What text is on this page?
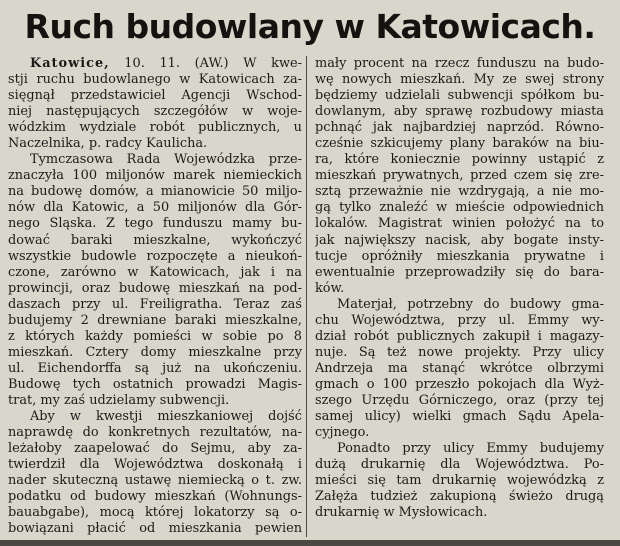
Ruch budowlany w Katowicach.
Katowice, 10. 11. (AW.) W kwe-
stji ruchu budowlanego w Katowicach za-
sięgnął przedstawiciel Agencji Wschod-
niej następujących szczegółów w woje-
wódzkim wydziale robót publicznych, u
Naczelnika, p. radcy Kaulicha.
Tymczasowa Rada Wojewódzka prze-
znaczyła 100 miljonów marek niemieckich
na budowę domów, a mianowicie 50 miljo-
nów dla Katowic, a 50 miljonów dla Gór-
nego Śląska. Z tego funduszu mamy bu-
dować baraki mieszkalne, wykończyć
wszystkie budowle rozpoczęte a nieukoń-
czone, zarówno w Katowicach, jak i na
prowincji, oraz budowę mieszkań na pod-
daszach przy ul. Freiligratha. Teraz zaś
budujemy 2 drewniane baraki mieszkalne,
z których każdy pomieści w sobie po 8
mieszkań. Cztery domy mieszkalne przy
ul. Eichendorffa są już na ukończeniu.
Budowę tych ostatnich prowadzi Magis-
trat, my zaś udzielamy subwencji.
Aby w kwestji mieszkaniowej dojść
naprawdę do konkretnych rezultatów, na-
leżałoby zaapelować do Sejmu, aby za-
twierdził dla Województwa doskonałą i
nader skuteczną ustawę niemiecką o t. zw.
podatku od budowy mieszkań (Wohnungs-
bauabgabe), mocą której lokatorzy są o-
bowiązani płacić od mieszkania pewien
mały procent na rzecz funduszu na budo-
wę nowych mieszkań. My ze swej strony
będziemy udzielali subwencji spółkom bu-
dowlanym, aby sprawę rozbudowy miasta
pchnąć jak najbardziej naprzód. Równo-
cześnie szkicujemy plany baraków na biu-
ra, które koniecznie powinny ustąpić z
mieszkań prywatnych, przed czem się zre-
sztą przeważnie nie wzdrygają, a nie mo-
gą tylko znaleźć w mieście odpowiednich
lokalów. Magistrat winien położyć na to
jak największy nacisk, aby bogate insty-
tucje opróżniły mieszkania prywatne i
ewentualnie przeprowadziły się do bara-
ków.
Materjał, potrzebny do budowy gma-
chu Województwa, przy ul. Emmy wy-
dział robót publicznych zakupił i magazy-
nuje. Są też nowe projekty. Przy ulicy
Andrzeja ma stanąć wkrótce olbrzymi
gmach o 100 przeszło pokojach dla Wyż-
szego Urzędu Górniczego, oraz (przy tej
samej ulicy) wielki gmach Sądu Apela-
cyjnego.
Ponadto przy ulicy Emmy budujemy
dużą drukarnię dla Województwa. Po-
mieści się tam drukarnię wojewódzką z
Załęża tudzież zakupioną świeżo drugą
drukarnię w Mysłowicach.
